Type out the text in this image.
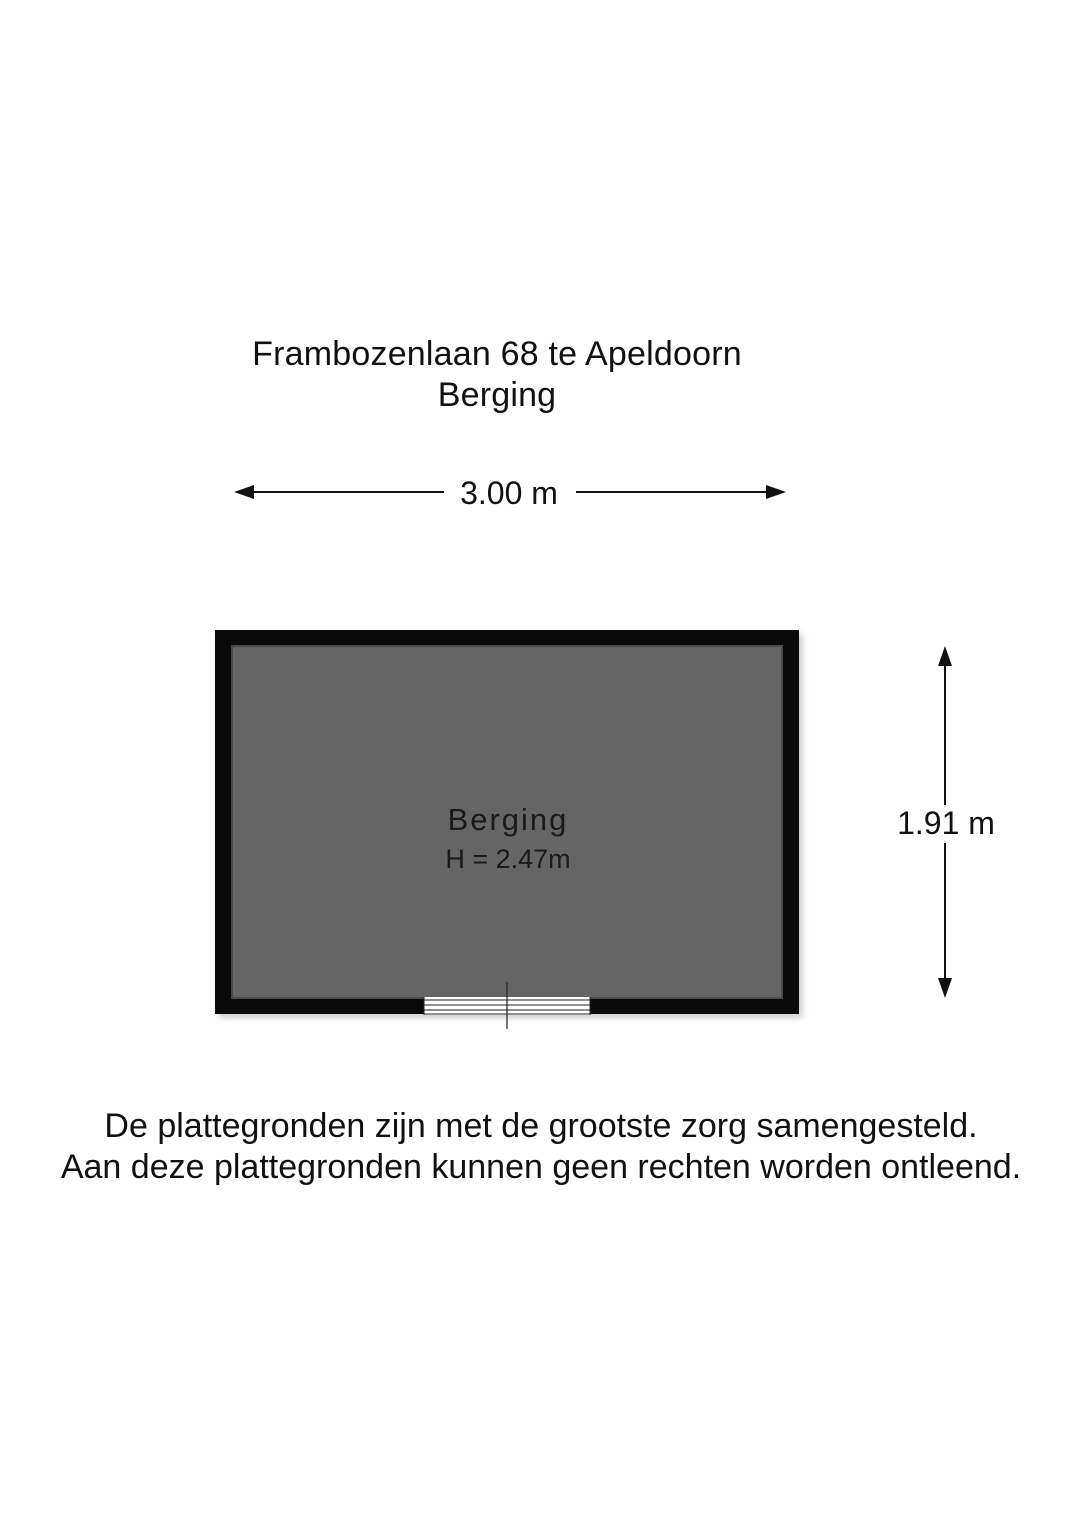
Frambozenlaan 68 te Apeldoorn
Berging
3.00 m
1.91 m
Berging
H = 2.47m
De plattegronden zijn met de grootste zorg samengesteld.
Aan deze plattegronden kunnen geen rechten worden ontleend.
